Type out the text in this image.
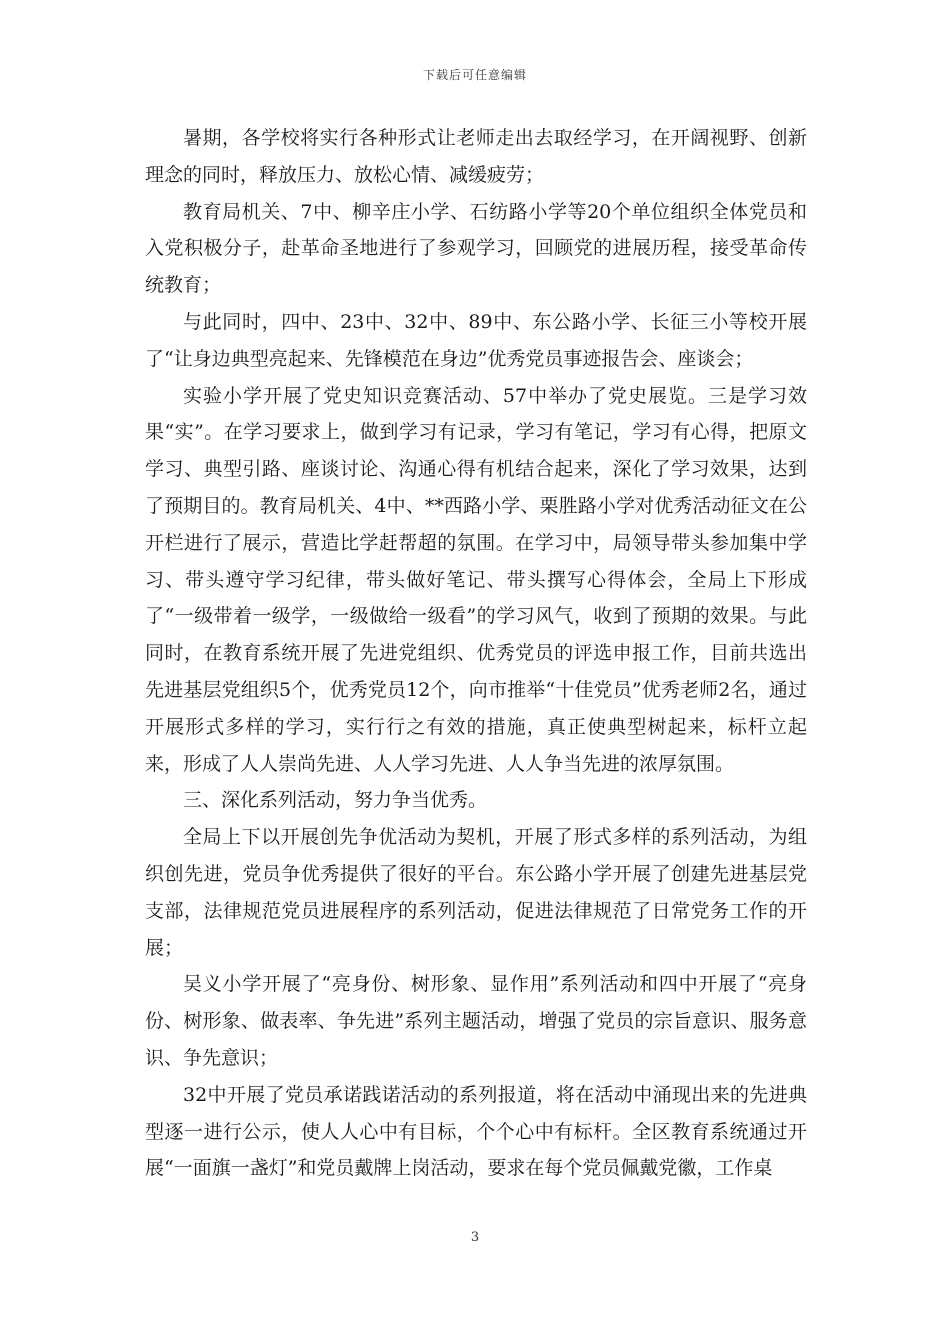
下载后可任意编辑

暑期，各学校将实行各种形式让老师走出去取经学习，在开阔视野、创新理念的同时，释放压力、放松心情、减缓疲劳；

教育局机关、7中、柳辛庄小学、石纺路小学等20个单位组织全体党员和入党积极分子，赴革命圣地进行了参观学习，回顾党的进展历程，接受革命传统教育；

与此同时，四中、23中、32中、89中、东公路小学、长征三小等校开展了“让身边典型亮起来、先锋模范在身边”优秀党员事迹报告会、座谈会；

实验小学开展了党史知识竞赛活动、57中举办了党史展览。三是学习效果“实”。在学习要求上，做到学习有记录，学习有笔记，学习有心得，把原文学习、典型引路、座谈讨论、沟通心得有机结合起来，深化了学习效果，达到了预期目的。教育局机关、4中、**西路小学、栗胜路小学对优秀活动征文在公开栏进行了展示，营造比学赶帮超的氛围。在学习中，局领导带头参加集中学习、带头遵守学习纪律，带头做好笔记、带头撰写心得体会，全局上下形成了“一级带着一级学，一级做给一级看”的学习风气，收到了预期的效果。与此同时，在教育系统开展了先进党组织、优秀党员的评选申报工作，目前共选出先进基层党组织5个，优秀党员12个，向市推举“十佳党员”优秀老师2名，通过开展形式多样的学习，实行行之有效的措施，真正使典型树起来，标杆立起来，形成了人人崇尚先进、人人学习先进、人人争当先进的浓厚氛围。

三、深化系列活动，努力争当优秀。

全局上下以开展创先争优活动为契机，开展了形式多样的系列活动，为组织创先进，党员争优秀提供了很好的平台。东公路小学开展了创建先进基层党支部，法律规范党员进展程序的系列活动，促进法律规范了日常党务工作的开展；

吴义小学开展了“亮身份、树形象、显作用”系列活动和四中开展了“亮身份、树形象、做表率、争先进”系列主题活动，增强了党员的宗旨意识、服务意识、争先意识；

32中开展了党员承诺践诺活动的系列报道，将在活动中涌现出来的先进典型逐一进行公示，使人人心中有目标，个个心中有标杆。全区教育系统通过开展“一面旗一盏灯”和党员戴牌上岗活动，要求在每个党员佩戴党徽，工作桌

3
